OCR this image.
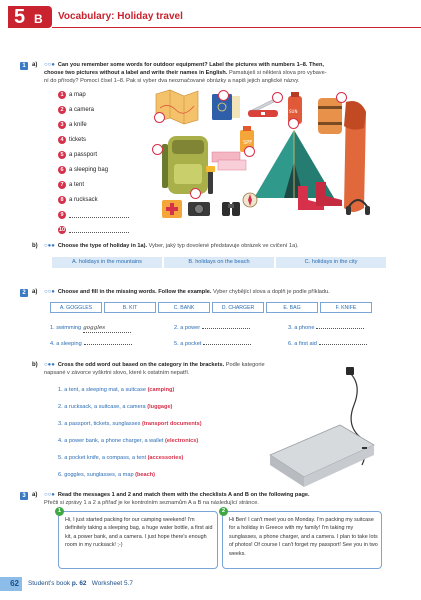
5 B Vocabulary: Holiday travel
1	a) ○○● Can you remember some words for outdoor equipment? Label the pictures with numbers 1–8. Then,
choose two pictures without a label and write their names in English. Pamatuješ si některá slova pro vybave-
ní do přírody? Pomocí čísel 1–8. Pak si vyber dva neoznačované obrázky a napiš jejich anglické názvy.
1 a map
2 a camera
3 a knife
4 tickets
5 a passport
6 a sleeping bag
7 a tent
8 a rucksack
9
10
SPF
SUN
b) ○●● Choose the type of holiday in 1a). Vyber, jaký typ dovolené představuje obrázek ve cvičení 1a).
A. holidays in the mountains	B. holidays on the beach	C. holidays in the city
2	a) ○○● Choose and fill in the missing words. Follow the example. Vyber chybějící slova a doplň je podle příkladu.
A. GOGGLES	B. KIT	C. BANK	D. CHARGER	E. BAG	F. KNIFE
1. swimming goggles	2. a power	3. a phone
4. a sleeping	5. a pocket	6. a first aid
b) ○●● Cross the odd word out based on the category in the brackets. Podle kategorie
napsané v závorce vyškrtni slovo, které k ostatním nepatří.
1. a tent, a sleeping mat, a suitcase (camping)
2. a rucksack, a suitcase, a camera (luggage)
3. a passport, tickets, sunglasses (transport documents)
4. a power bank, a phone charger, a wallet (electronics)
5. a pocket knife, a compass, a tent (accessories)
6. goggles, sunglasses, a map (beach)
3	a) ○○● Read the messages 1 and 2 and match them with the checklists A and B on the following page.
Přečti si zprávy 1 a 2 a přiřaď je ke kontrolním seznamům A a B na následující stránce.
1
Hi, I just started packing for our camping weekend! I'm definitely taking a sleeping bag, a huge water bottle, a first aid kit, a power bank, and a camera. I just hope there's enough room in my rucksack! ;-)
2
Hi Ben! I can't meet you on Monday. I'm packing my suitcase for a holiday in Greece with my family! I'm taking my sunglasses, a phone charger, and a camera. I plan to take lots of photos! Of course I can't forget my passport! See you in two weeks.
62	Student's book p. 62 Worksheet 5.7
